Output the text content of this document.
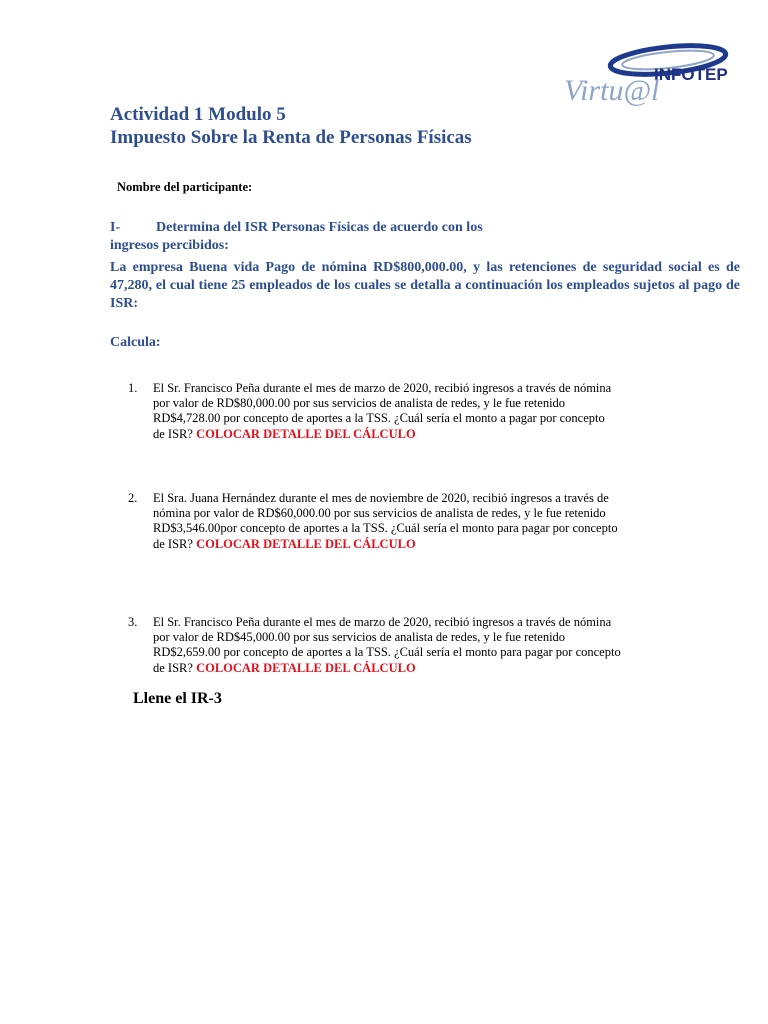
INFOTEP
Virtu@l
Actividad 1 Modulo 5
Impuesto Sobre la Renta de Personas Físicas
Nombre del participante:
I-	Determina del ISR Personas Físicas de acuerdo con los
ingresos percibidos:
La empresa Buena vida Pago de nómina RD$800,000.00, y las retenciones de seguridad social es de 47,280, el cual tiene 25 empleados de los cuales se detalla a continuación los empleados sujetos al pago de ISR:
Calcula:
1.	El Sr. Francisco Peña durante el mes de marzo de 2020, recibió ingresos a través de nómina
por valor de RD$80,000.00 por sus servicios de analista de redes, y le fue retenido
RD$4,728.00 por concepto de aportes a la TSS. ¿Cuál sería el monto a pagar por concepto
de ISR? COLOCAR DETALLE DEL CÁLCULO
2.	El Sra. Juana Hernández durante el mes de noviembre de 2020, recibió ingresos a través de
nómina por valor de RD$60,000.00 por sus servicios de analista de redes, y le fue retenido
RD$3,546.00por concepto de aportes a la TSS. ¿Cuál sería el monto para pagar por concepto
de ISR? COLOCAR DETALLE DEL CÁLCULO
3.	El Sr. Francisco Peña durante el mes de marzo de 2020, recibió ingresos a través de nómina
por valor de RD$45,000.00 por sus servicios de analista de redes, y le fue retenido
RD$2,659.00 por concepto de aportes a la TSS. ¿Cuál sería el monto para pagar por concepto
de ISR? COLOCAR DETALLE DEL CÁLCULO
Llene el IR-3
